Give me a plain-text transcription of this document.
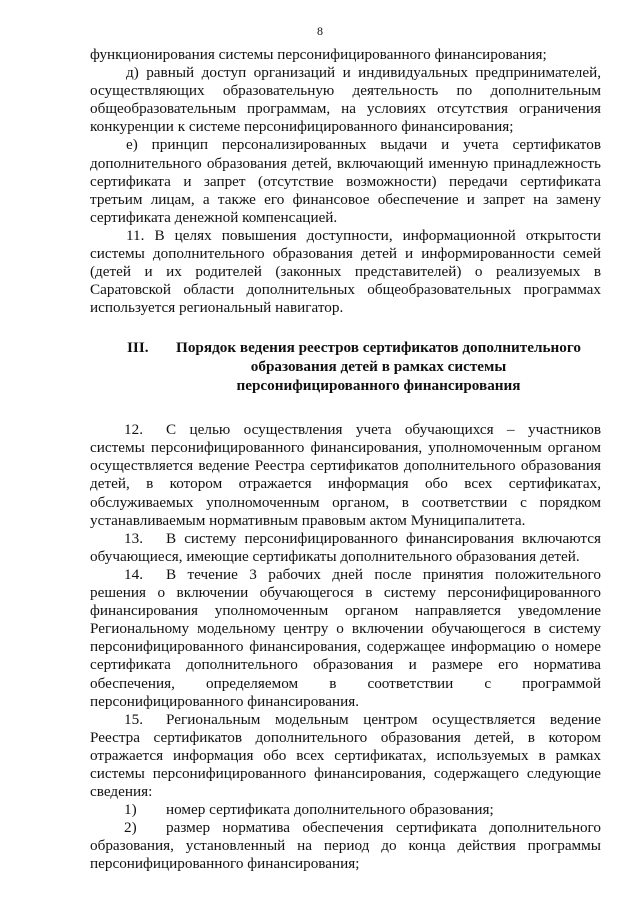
8

функционирования системы персонифицированного финансирования;

д) равный доступ организаций и индивидуальных предпринимателей, осуществляющих образовательную деятельность по дополнительным общеобразовательным программам, на условиях отсутствия ограничения конкуренции к системе персонифицированного финансирования;

е) принцип персонализированных выдачи и учета сертификатов дополнительного образования детей, включающий именную принадлежность сертификата и запрет (отсутствие возможности) передачи сертификата третьим лицам, а также его финансовое обеспечение и запрет на замену сертификата денежной компенсацией.

11. В целях повышения доступности, информационной открытости системы дополнительного образования детей и информированности семей (детей и их родителей (законных представителей) о реализуемых в Саратовской области дополнительных общеобразовательных программах используется региональный навигатор.

III. Порядок ведения реестров сертификатов дополнительного образования детей в рамках системы персонифицированного финансирования

12. С целью осуществления учета обучающихся – участников системы персонифицированного финансирования, уполномоченным органом осуществляется ведение Реестра сертификатов дополнительного образования детей, в котором отражается информация обо всех сертификатах, обслуживаемых уполномоченным органом, в соответствии с порядком устанавливаемым нормативным правовым актом Муниципалитета.

13. В систему персонифицированного финансирования включаются обучающиеся, имеющие сертификаты дополнительного образования детей.

14. В течение 3 рабочих дней после принятия положительного решения о включении обучающегося в систему персонифицированного финансирования уполномоченным органом направляется уведомление Региональному модельному центру о включении обучающегося в систему персонифицированного финансирования, содержащее информацию о номере сертификата дополнительного образования и размере его норматива обеспечения, определяемом в соответствии с программой персонифицированного финансирования.

15. Региональным модельным центром осуществляется ведение Реестра сертификатов дополнительного образования детей, в котором отражается информация обо всех сертификатах, используемых в рамках системы персонифицированного финансирования, содержащего следующие сведения:

1) номер сертификата дополнительного образования;

2) размер норматива обеспечения сертификата дополнительного образования, установленный на период до конца действия программы персонифицированного финансирования;
